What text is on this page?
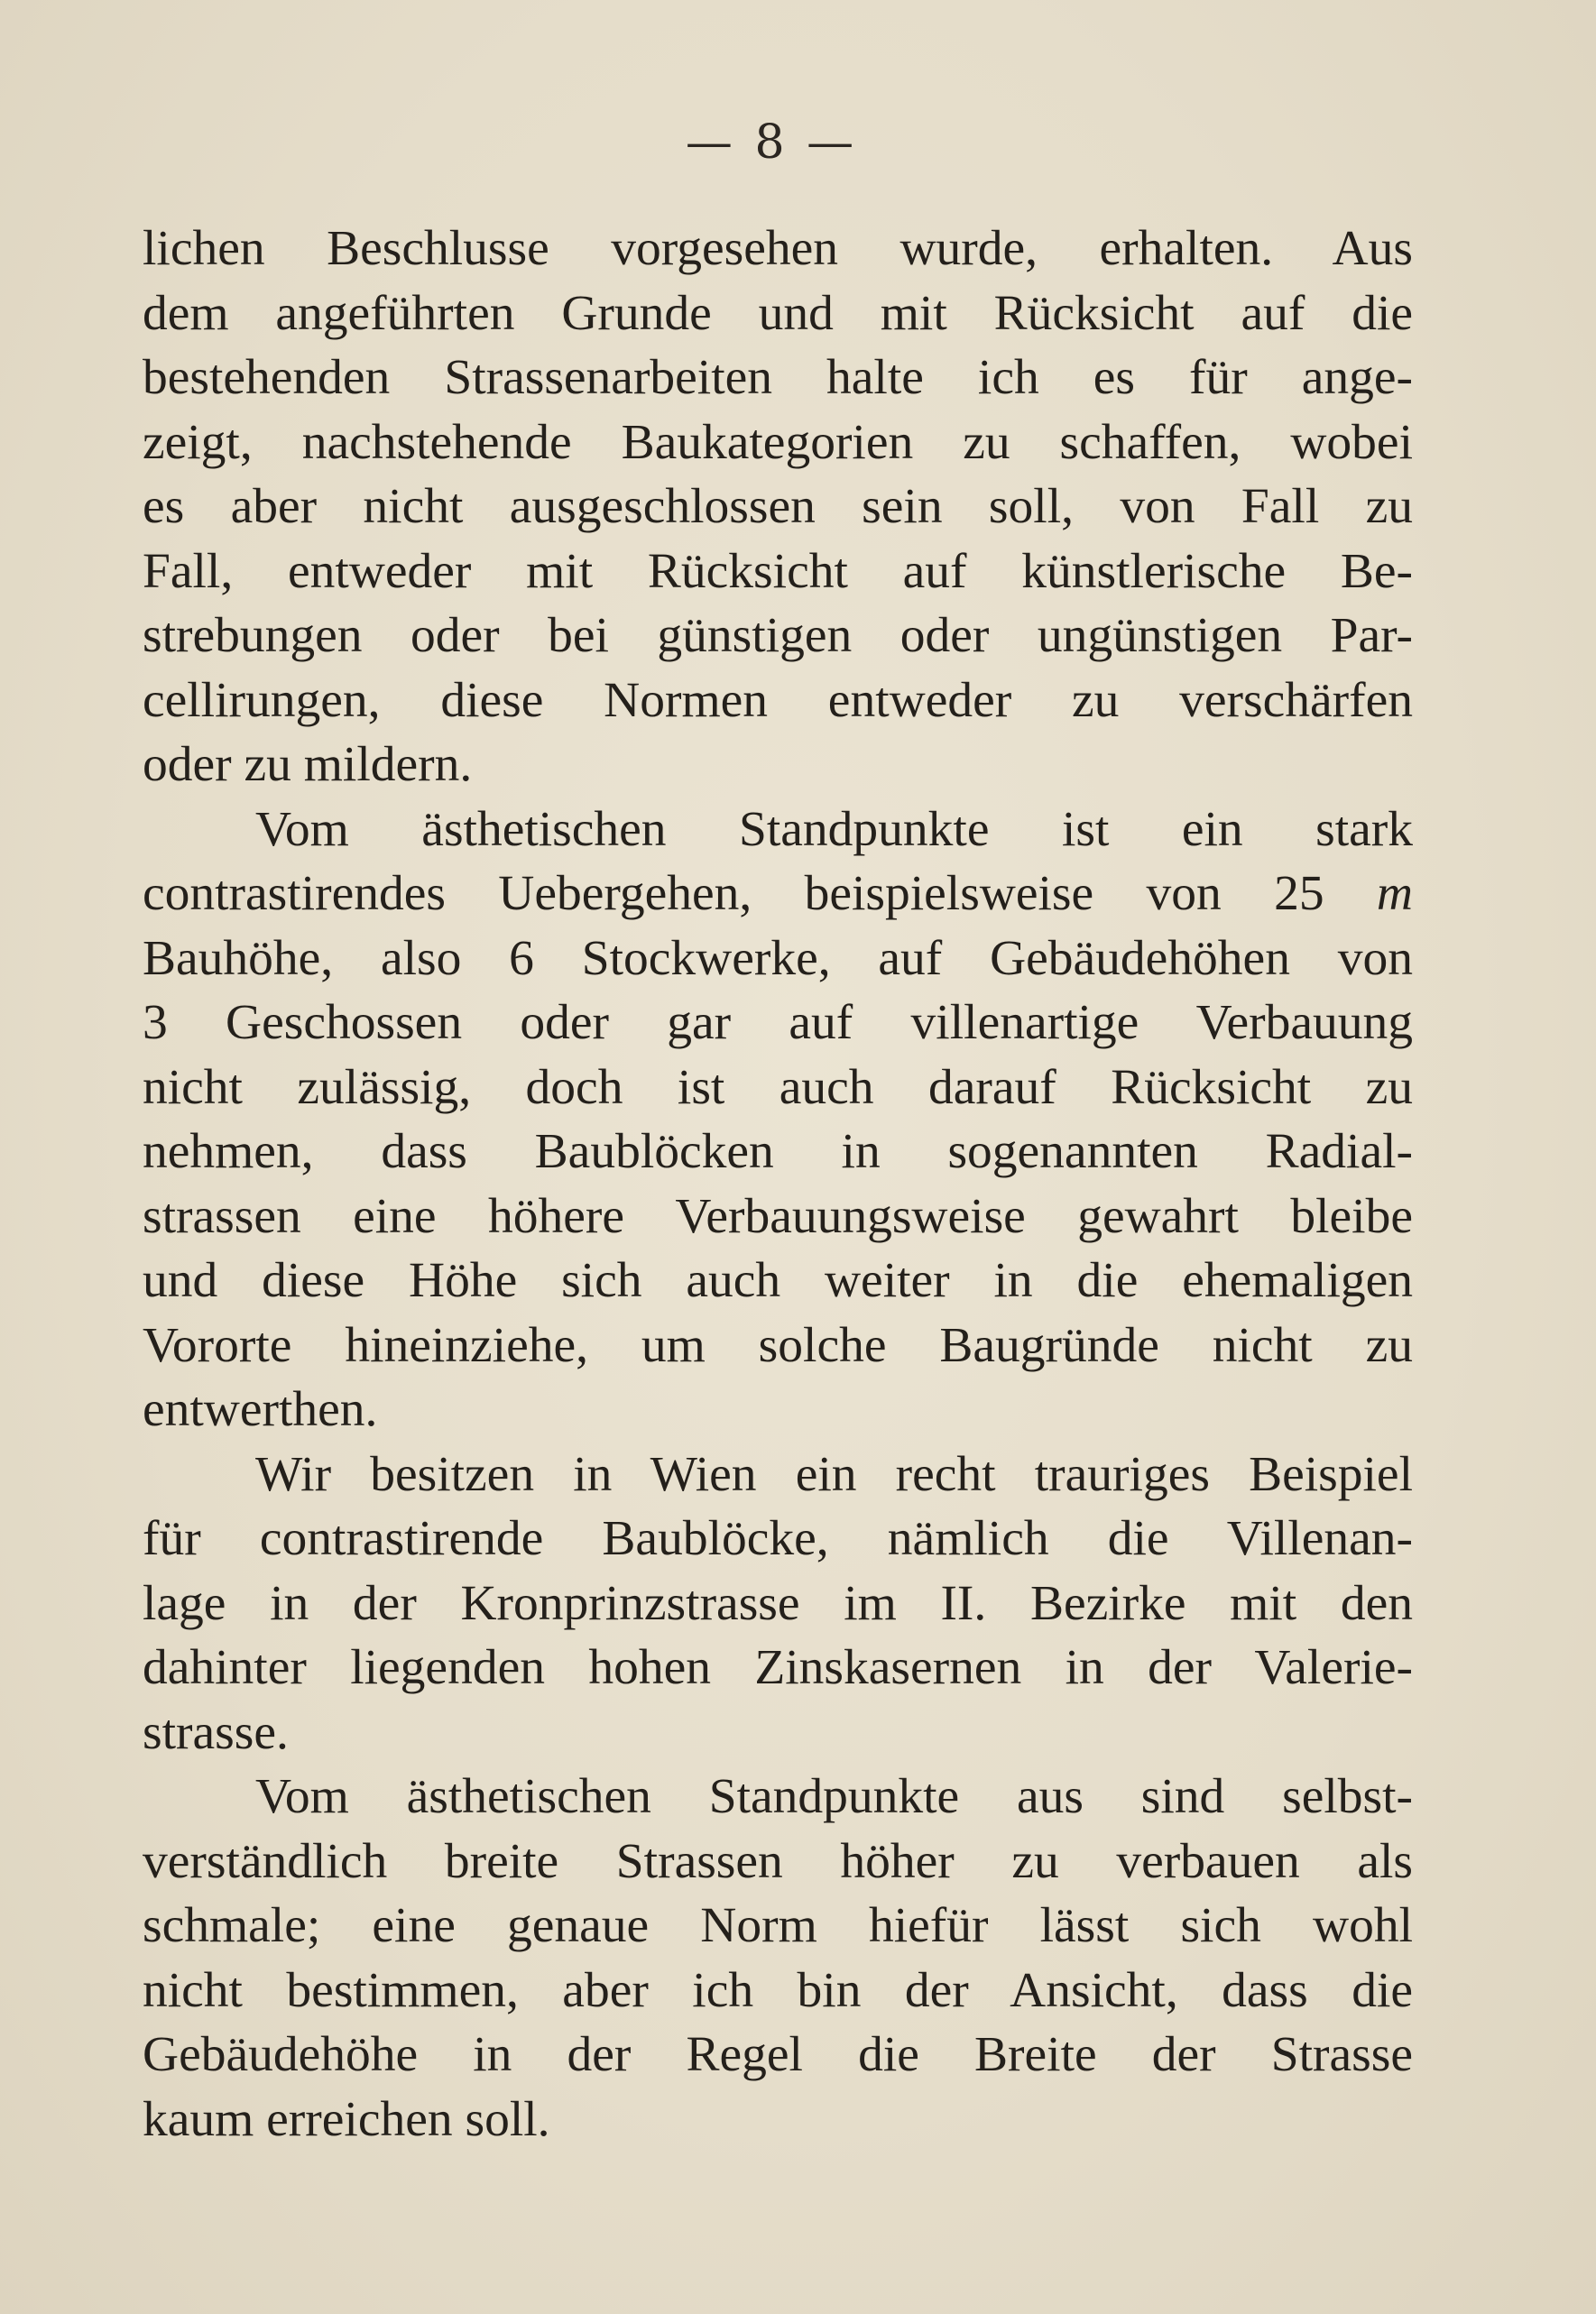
— 8 —
lichen Beschlusse vorgesehen wurde, erhalten. Aus
dem angeführten Grunde und mit Rücksicht auf die
bestehenden Strassenarbeiten halte ich es für ange-
zeigt, nachstehende Baukategorien zu schaffen, wobei
es aber nicht ausgeschlossen sein soll, von Fall zu
Fall, entweder mit Rücksicht auf künstlerische Be-
strebungen oder bei günstigen oder ungünstigen Par-
cellirungen, diese Normen entweder zu verschärfen
oder zu mildern.
Vom ästhetischen Standpunkte ist ein stark
contrastirendes Uebergehen, beispielsweise von 25 m
Bauhöhe, also 6 Stockwerke, auf Gebäudehöhen von
3 Geschossen oder gar auf villenartige Verbauung
nicht zulässig, doch ist auch darauf Rücksicht zu
nehmen, dass Baublöcken in sogenannten Radial-
strassen eine höhere Verbauungsweise gewahrt bleibe
und diese Höhe sich auch weiter in die ehemaligen
Vororte hineinziehe, um solche Baugründe nicht zu
entwerthen.
Wir besitzen in Wien ein recht trauriges Beispiel
für contrastirende Baublöcke, nämlich die Villenan-
lage in der Kronprinzstrasse im II. Bezirke mit den
dahinter liegenden hohen Zinskasernen in der Valerie-
strasse.
Vom ästhetischen Standpunkte aus sind selbst-
verständlich breite Strassen höher zu verbauen als
schmale; eine genaue Norm hiefür lässt sich wohl
nicht bestimmen, aber ich bin der Ansicht, dass die
Gebäudehöhe in der Regel die Breite der Strasse
kaum erreichen soll.
